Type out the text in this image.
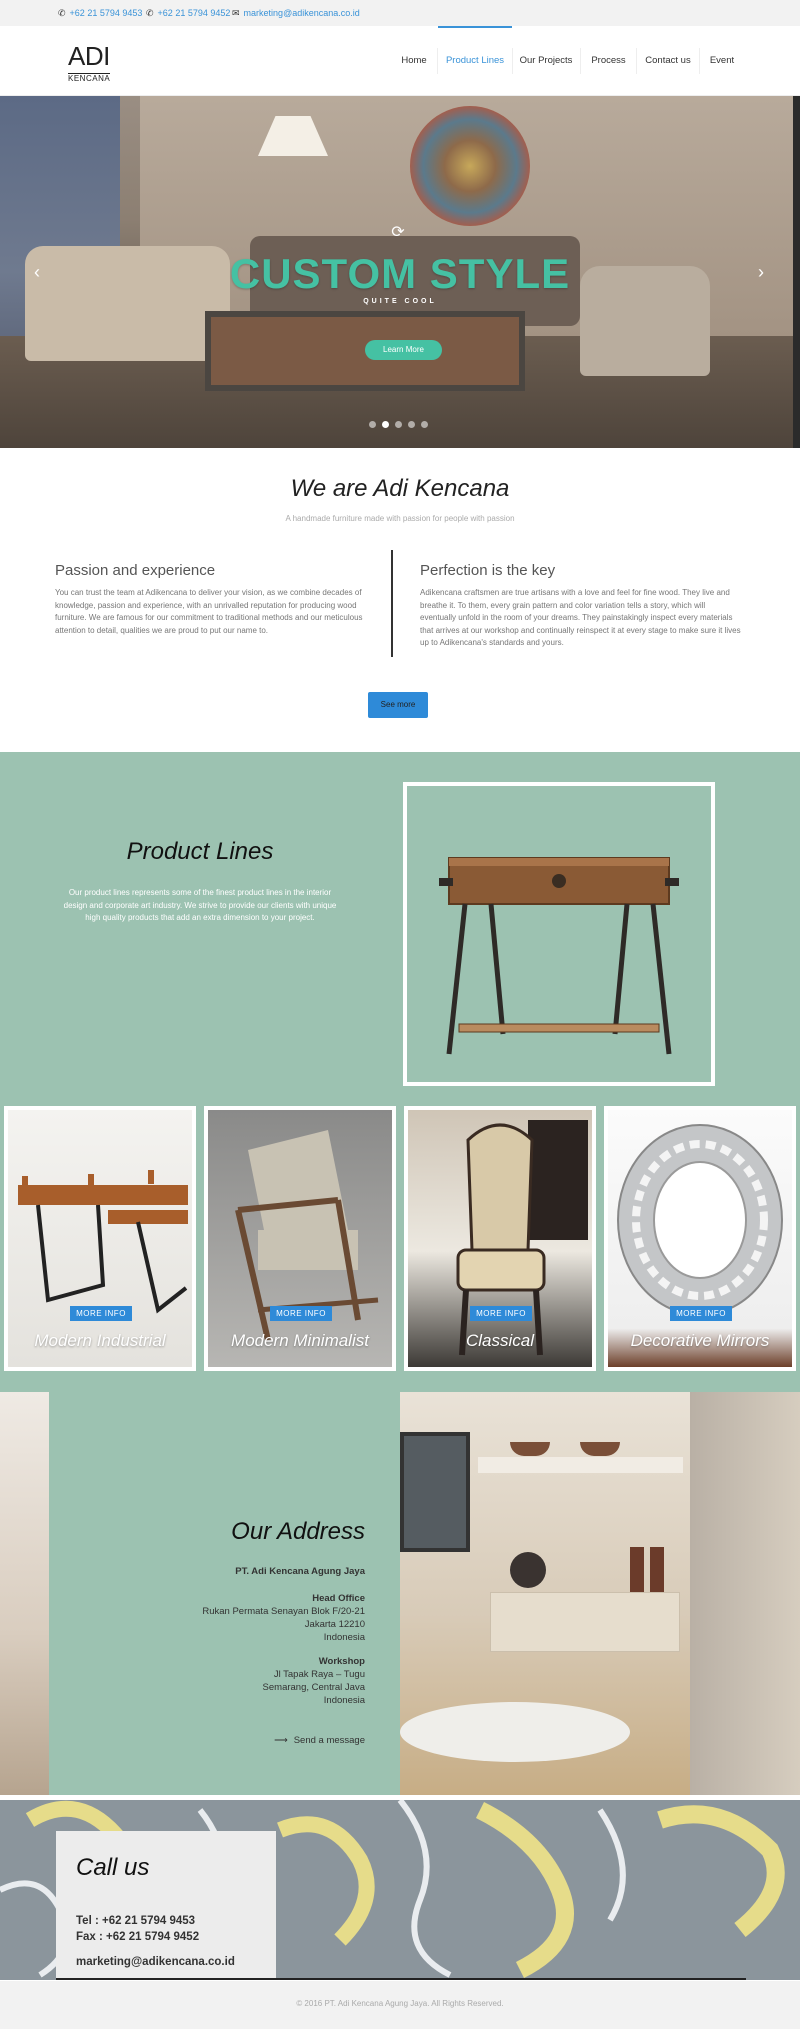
✆ +62 21 5794 9453 ✆ +62 21 5794 9452 ✉ marketing@adikencana.co.id
ADI
KENCANA
Home	Product Lines	Our Projects	Process	Contact us	Event
⟳
CUSTOM STYLE
QUITE COOL
Learn More
‹	›
We are Adi Kencana
A handmade furniture made with passion for people with passion
Passion and experience
You can trust the team at Adikencana to deliver your vision, as we combine decades of knowledge, passion and experience, with an unrivalled reputation for producing wood furniture. We are famous for our commitment to traditional methods and our meticulous attention to detail, qualities we are proud to put our name to.
Perfection is the key
Adikencana craftsmen are true artisans with a love and feel for fine wood. They live and breathe it. To them, every grain pattern and color variation tells a story, which will eventually unfold in the room of your dreams. They painstakingly inspect every materials that arrives at our workshop and continually reinspect it at every stage to make sure it lives up to Adikencana's standards and yours.
See more
Product Lines
Our product lines represents some of the finest product lines in the interior design and corporate art industry. We strive to provide our clients with unique high quality products that add an extra dimension to your project.
MORE INFO
Modern Industrial
MORE INFO
Modern Minimalist
MORE INFO
Classical
MORE INFO
Decorative Mirrors
Our Address
PT. Adi Kencana Agung Jaya
Head Office
Rukan Permata Senayan Blok F/20-21
Jakarta 12210
Indonesia
Workshop
Jl Tapak Raya – Tugu
Semarang, Central Java
Indonesia
⟶ Send a message
Call us
Tel : +62 21 5794 9453
Fax : +62 21 5794 9452
marketing@adikencana.co.id
© 2016 PT. Adi Kencana Agung Jaya. All Rights Reserved.
